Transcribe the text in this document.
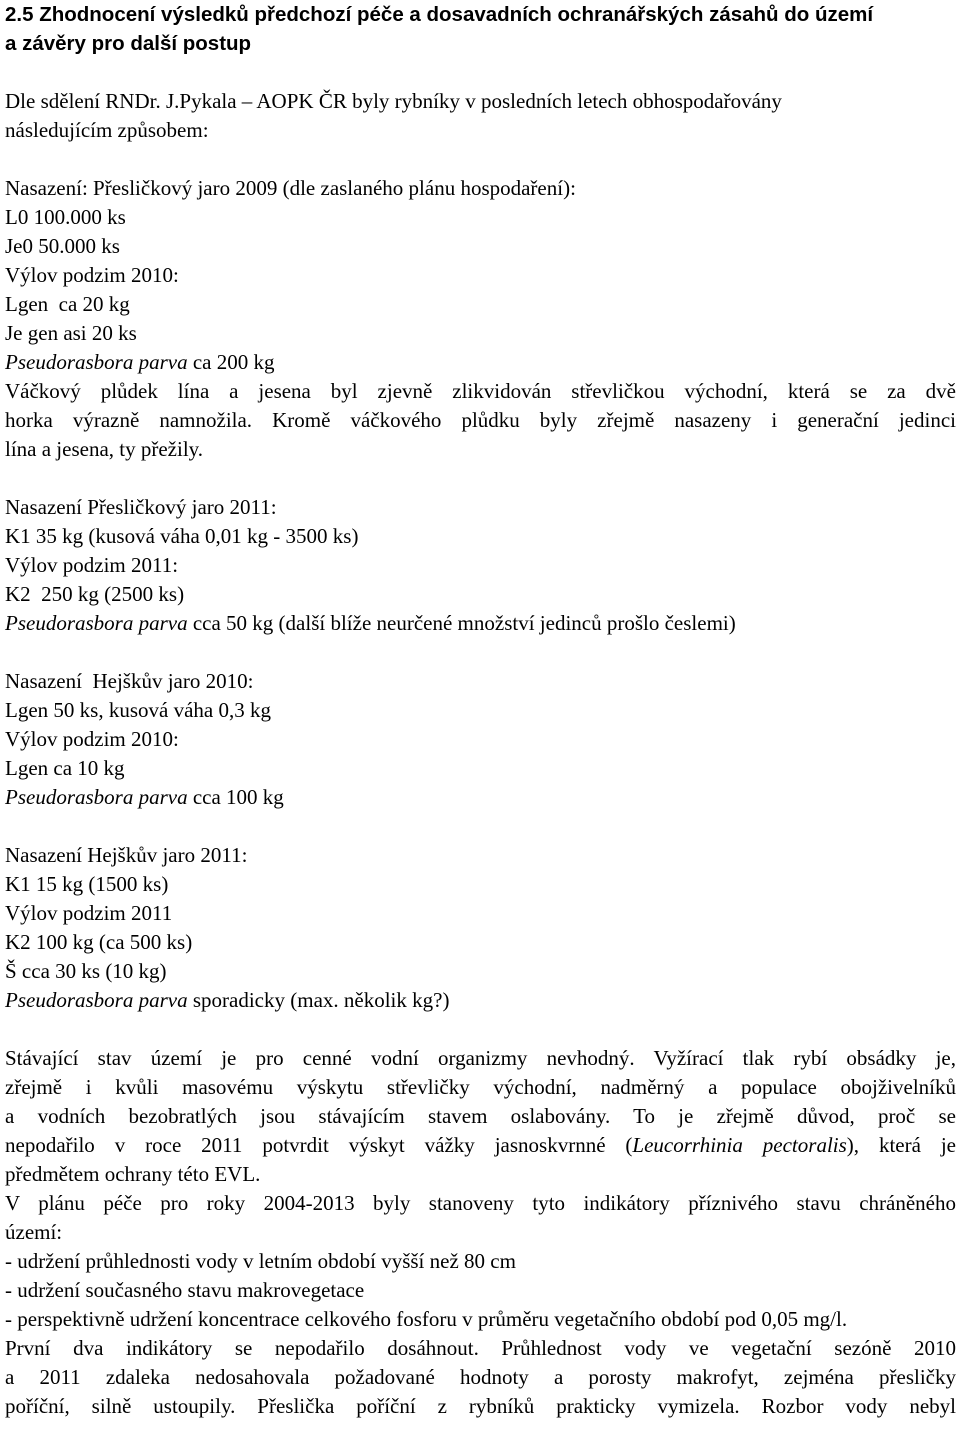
2.5 Zhodnocení výsledků předchozí péče a dosavadních ochranářských zásahů do území
a závěry pro další postup
Dle sdělení RNDr. J.Pykala – AOPK ČR byly rybníky v posledních letech obhospodařovány
následujícím způsobem:
Nasazení: Přesličkový jaro 2009 (dle zaslaného plánu hospodaření):
L0 100.000 ks
Je0 50.000 ks
Výlov podzim 2010:
Lgen  ca 20 kg
Je gen asi 20 ks
Pseudorasbora parva ca 200 kg
Váčkový plůdek lína a jesena byl zjevně zlikvidován střevličkou východní, která se za dvě
horka výrazně namnožila. Kromě váčkového plůdku byly zřejmě nasazeny i generační jedinci
lína a jesena, ty přežily.
Nasazení Přesličkový jaro 2011:
K1 35 kg (kusová váha 0,01 kg - 3500 ks)
Výlov podzim 2011:
K2  250 kg (2500 ks)
Pseudorasbora parva cca 50 kg (další blíže neurčené množství jedinců prošlo česlemi)
Nasazení  Hejškův jaro 2010:
Lgen 50 ks, kusová váha 0,3 kg
Výlov podzim 2010:
Lgen ca 10 kg
Pseudorasbora parva cca 100 kg
Nasazení Hejškův jaro 2011:
K1 15 kg (1500 ks)
Výlov podzim 2011
K2 100 kg (ca 500 ks)
Š cca 30 ks (10 kg)
Pseudorasbora parva sporadicky (max. několik kg?)
Stávající stav území je pro cenné vodní organizmy nevhodný. Vyžírací tlak rybí obsádky je,
zřejmě i kvůli masovému výskytu střevličky východní, nadměrný a populace obojživelníků
a vodních bezobratlých jsou stávajícím stavem oslabovány. To je zřejmě důvod, proč se
nepodařilo v roce 2011 potvrdit výskyt vážky jasnoskvrnné (Leucorrhinia pectoralis), která je
předmětem ochrany této EVL.
V plánu péče pro roky 2004-2013 byly stanoveny tyto indikátory příznivého stavu chráněného
území:
- udržení průhlednosti vody v letním období vyšší než 80 cm
- udržení současného stavu makrovegetace
- perspektivně udržení koncentrace celkového fosforu v průměru vegetačního období pod 0,05 mg/l.
První dva indikátory se nepodařilo dosáhnout. Průhlednost vody ve vegetační sezóně 2010
a 2011 zdaleka nedosahovala požadované hodnoty a porosty makrofyt, zejména přesličky
poříční, silně ustoupily. Přeslička poříční z rybníků prakticky vymizela. Rozbor vody nebyl
